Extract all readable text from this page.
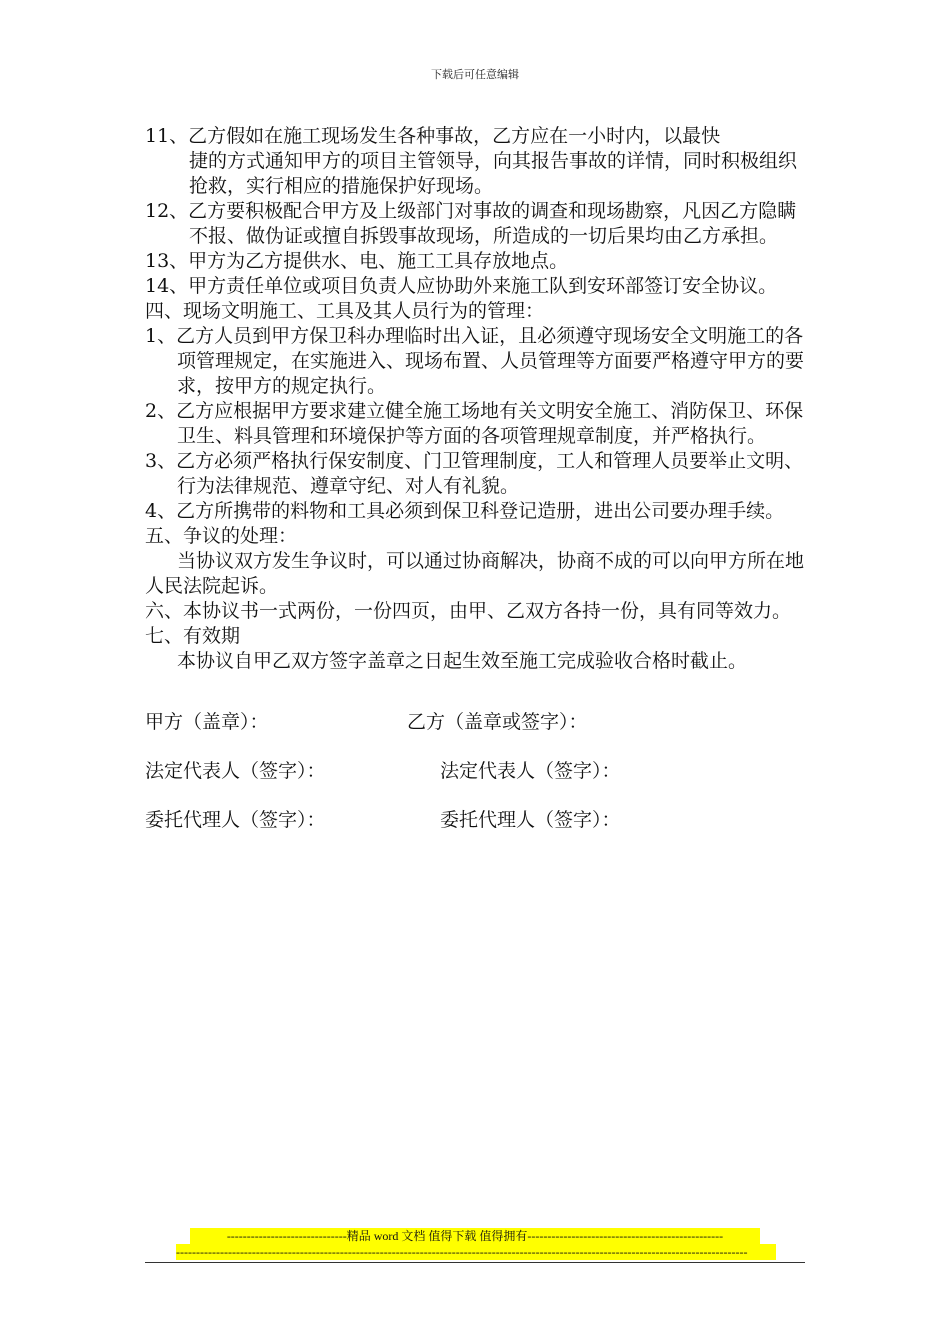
下载后可任意编辑
11、乙方假如在施工现场发生各种事故，乙方应在一小时内，以最快
捷的方式通知甲方的项目主管领导，向其报告事故的详情，同时积极组织抢救，实行相应的措施保护好现场。
12、乙方要积极配合甲方及上级部门对事故的调查和现场勘察，凡因乙方隐瞒不报、做伪证或擅自拆毁事故现场，所造成的一切后果均由乙方承担。
13、甲方为乙方提供水、电、施工工具存放地点。
14、甲方责任单位或项目负责人应协助外来施工队到安环部签订安全协议。
四、现场文明施工、工具及其人员行为的管理：
1、乙方人员到甲方保卫科办理临时出入证，且必须遵守现场安全文明施工的各项管理规定，在实施进入、现场布置、人员管理等方面要严格遵守甲方的要求，按甲方的规定执行。
2、乙方应根据甲方要求建立健全施工场地有关文明安全施工、消防保卫、环保卫生、料具管理和环境保护等方面的各项管理规章制度，并严格执行。
3、乙方必须严格执行保安制度、门卫管理制度，工人和管理人员要举止文明、行为法律规范、遵章守纪、对人有礼貌。
4、乙方所携带的料物和工具必须到保卫科登记造册，进出公司要办理手续。
五、争议的处理：
当协议双方发生争议时，可以通过协商解决，协商不成的可以向甲方所在地人民法院起诉。
六、本协议书一式两份，一份四页，由甲、乙双方各持一份，具有同等效力。
七、有效期
本协议自甲乙双方签字盖章之日起生效至施工完成验收合格时截止。
甲方（盖章）：	乙方（盖章或签字）：
法定代表人（签字）：	法定代表人（签字）：
委托代理人（签字）：	委托代理人（签字）：
------------------------------精品 word 文档 值得下载 值得拥有-------------------------------------------------
-----------------------------------------------------------------------------------------------------------------------------------------------
